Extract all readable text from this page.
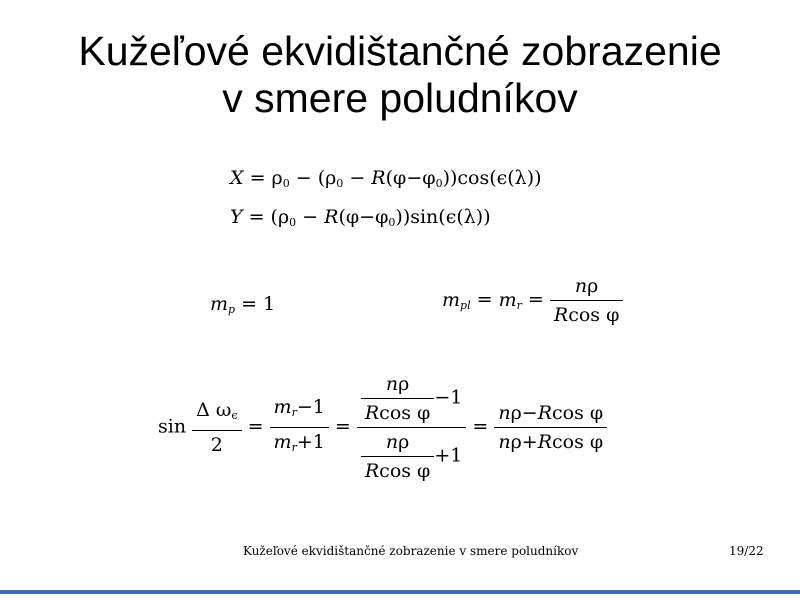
Kužeľové ekvidištančné zobrazenie
v smere poludníkov
$X = \rho_0 - (\rho_0 - R(\varphi-\varphi_0))\cos(\epsilon(\lambda))$
$Y = (\rho_0 - R(\varphi-\varphi_0))\sin(\epsilon(\lambda))$
$m_p = 1$	$m_{pl} = m_r = \frac{n\rho}{\text{Rcos φ}}$
$\sin \frac{\Delta \omega_\epsilon}{2} = \frac{m_r-1}{m_r+1} = \frac{\frac{n\rho}{\text{Rcos φ}} -1}{\frac{n\rho}{\text{Rcos φ}} +1} = \frac{\text{nρ−Rcos φ}}{\text{nρ+Rcos φ}}$
Kužeľové ekvidištančné zobrazenie v smere poludníkov	19/22
